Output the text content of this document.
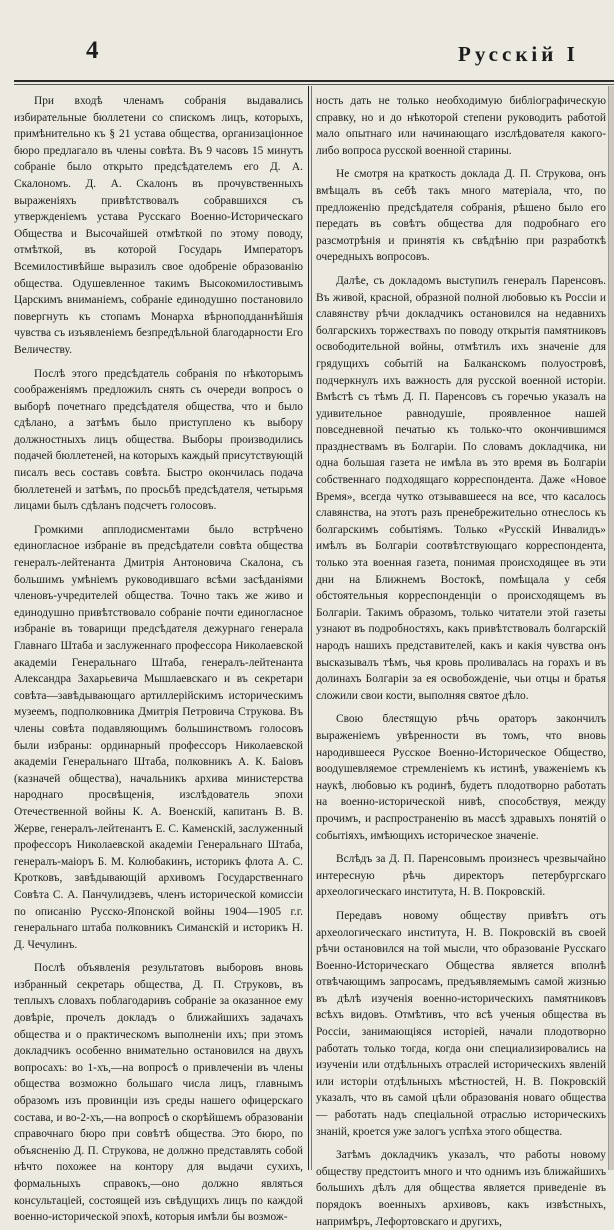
4	Русскій І

При входѣ членамъ собранія выдавались избирательные бюллетени со спискомъ лицъ, которыхъ, примѣнительно къ § 21 устава общества, организаціонное бюро предлагало въ члены совѣта. Въ 9 часовъ 15 минутъ собраніе было открыто предсѣдателемъ его Д. А. Скалономъ. Д. А. Скалонъ въ прочувственныхъ выраженіяхъ привѣтствовалъ собравшихся съ утвержденіемъ устава Русскаго Военно-Историческаго Общества и Высочайшей отмѣткой по этому поводу, отмѣткой, въ которой Государь Императоръ Всемилостивѣйше выразилъ свое одобреніе образованію общества. Одушевленное такимъ Высокомилостивымъ Царскимъ вниманіемъ, собраніе единодушно постановило повергнуть къ стопамъ Монарха вѣрноподданнѣйшія чувства съ изъявленіемъ безпредѣльной благодарности Его Величеству.

Послѣ этого предсѣдатель собранія по нѣкоторымъ соображеніямъ предложилъ снять съ очереди вопросъ о выборѣ почетнаго предсѣдателя общества, что и было сдѣлано, а затѣмъ было приступлено къ выбору должностныхъ лицъ общества. Выборы производились подачей бюллетеней, на которыхъ каждый присутствующій писалъ весь составъ совѣта. Быстро окончилась подача бюллетеней и затѣмъ, по просьбѣ предсѣдателя, четырьмя лицами былъ сдѣланъ подсчетъ голосовъ.

Громкими апплодисментами было встрѣчено единогласное избраніе въ предсѣдатели совѣта общества генералъ-лейтенанта Дмитрія Антоновича Скалона, съ большимъ умѣніемъ руководившаго всѣми засѣданіями членовъ-учредителей общества. Точно такъ же живо и единодушно привѣтствовало собраніе почти единогласное избраніе въ товарищи предсѣдателя дежурнаго генерала Главнаго Штаба и заслуженнаго профессора Николаевской академіи Генеральнаго Штаба, генералъ-лейтенанта Александра Захарьевича Мышлаевскаго и въ секретари совѣта—завѣдывающаго артиллерійскимъ историческимъ музеемъ, подполковника Дмитрія Петровича Струкова. Въ члены совѣта подавляющимъ большинствомъ голосовъ были избраны: ординарный профессоръ Николаевской академіи Генеральнаго Штаба, полковникъ А. К. Баіовъ (казначей общества), начальникъ архива министерства народнаго просвѣщенія, изслѣдователь эпохи Отечественной войны К. А. Военскій, капитанъ В. В. Жерве, генералъ-лейтенантъ Е. С. Каменскій, заслуженный профессоръ Николаевской академіи Генеральнаго Штаба, генералъ-маіоръ Б. М. Колюбакинъ, историкъ флота А. С. Кротковъ, завѣдывающій архивомъ Государственнаго Совѣта С. А. Панчулидзевъ, членъ исторической комиссіи по описанію Русско-Японской войны 1904—1905 г.г. генеральнаго штаба полковникъ Симанскій и историкъ Н. Д. Чечулинъ.

Послѣ объявленія результатовъ выборовъ вновь избранный секретарь общества, Д. П. Струковъ, въ теплыхъ словахъ поблагодаривъ собраніе за оказанное ему довѣріе, прочелъ докладъ о ближайшихъ задачахъ общества и о практическомъ выполненіи ихъ; при этомъ докладчикъ особенно внимательно остановился на двухъ вопросахъ: во 1-хъ,—на вопросѣ о привлеченіи въ члены общества возможно большаго числа лицъ, главнымъ образомъ изъ провинціи изъ среды нашего офицерскаго состава, и во-2-хъ,—на вопросѣ о скорѣйшемъ образованіи справочнаго бюро при совѣтѣ общества. Это бюро, по объясненію Д. П. Струкова, не должно представлять собой нѣчто похожее на контору для выдачи сухихъ, формальныхъ справокъ,—оно должно являться консультаціей, состоящей изъ свѣдущихъ лицъ по каждой военно-исторической эпохѣ, которыя имѣли бы возмож-

ность дать не только необходимую библіографическую справку, но и до нѣкоторой степени руководить работой мало опытнаго или начинающаго изслѣдователя какого-либо вопроса русской военной старины.

Не смотря на краткость доклада Д. П. Струкова, онъ вмѣщалъ въ себѣ такъ много матеріала, что, по предложенію предсѣдателя собранія, рѣшено было его передать въ совѣтъ общества для подробнаго его разсмотрѣнія и принятія къ свѣдѣнію при разработкѣ очередныхъ вопросовъ.

Далѣе, съ докладомъ выступилъ генералъ Паренсовъ. Въ живой, красной, образной полной любовью къ Россіи и славянству рѣчи докладчикъ остановился на недавнихъ болгарскихъ торжествахъ по поводу открытія памятниковъ освободительной войны, отмѣтилъ ихъ значеніе для грядущихъ событій на Балканскомъ полуостровѣ, подчеркнулъ ихъ важность для русской военной исторіи. Вмѣстѣ съ тѣмъ Д. П. Паренсовъ съ горечью указалъ на удивительное равнодушіе, проявленное нашей повседневной печатью къ только-что окончившимся празднествамъ въ Болгаріи. По словамъ докладчика, ни одна большая газета не имѣла въ это время въ Болгаріи собственнаго подходящаго корреспондента. Даже «Новое Время», всегда чутко отзывавшееся на все, что касалось славянства, на этотъ разъ пренебрежительно отнеслось къ болгарскимъ событіямъ. Только «Русскій Инвалидъ» имѣлъ въ Болгаріи соотвѣтствующаго корреспондента, только эта военная газета, понимая происходящее въ эти дни на Ближнемъ Востокѣ, помѣщала у себя обстоятельныя корреспонденціи о происходящемъ въ Болгаріи. Такимъ образомъ, только читатели этой газеты узнают въ подробностяхъ, какъ привѣтствовалъ болгарскій народъ нашихъ представителей, какъ и какія чувства онъ высказывалъ тѣмъ, чья кровь проливалась на горахъ и въ долинахъ Болгаріи за ея освобожденіе, чьи отцы и братья сложили свои кости, выполняя святое дѣло.

Свою блестящую рѣчь ораторъ закончилъ выраженіемъ увѣренности въ томъ, что вновь народившееся Русское Военно-Историческое Общество, воодушевляемое стремленіемъ къ истинѣ, уваженіемъ къ наукѣ, любовью къ родинѣ, будетъ плодотворно работать на военно-исторической нивѣ, способствуя, между прочимъ, и распространенію въ массѣ здравыхъ понятій о событіяхъ, имѣющихъ историческое значеніе.

Вслѣдъ за Д. П. Паренсовымъ произнесъ чрезвычайно интересную рѣчь директоръ петербургскаго археологическаго института, Н. В. Покровскій.

Передавъ новому обществу привѣтъ отъ археологическаго института, Н. В. Покровскій въ своей рѣчи остановился на той мысли, что образованіе Русскаго Военно-Историческаго Общества является вполнѣ отвѣчающимъ запросамъ, предъявляемымъ самой жизнью въ дѣлѣ изученія военно-историческихъ памятниковъ всѣхъ видовъ. Отмѣтивъ, что всѣ ученыя общества въ Россіи, занимающіяся исторіей, начали плодотворно работать только тогда, когда они специализировались на изученіи или отдѣльныхъ отраслей историческихъ явленій или исторіи отдѣльныхъ мѣстностей, Н. В. Покровскій указалъ, что въ самой цѣли образованія новаго общества — работать надъ спеціальной отраслью историческихъ знаній, кроется уже залогъ успѣха этого общества.

Затѣмъ докладчикъ указалъ, что работы новому обществу предстоитъ много и что однимъ изъ ближайшихъ большихъ дѣлъ для общества является приведеніе въ порядокъ военныхъ архивовъ, какъ извѣстныхъ, напримѣръ, Лефортовскаго и другихъ,
